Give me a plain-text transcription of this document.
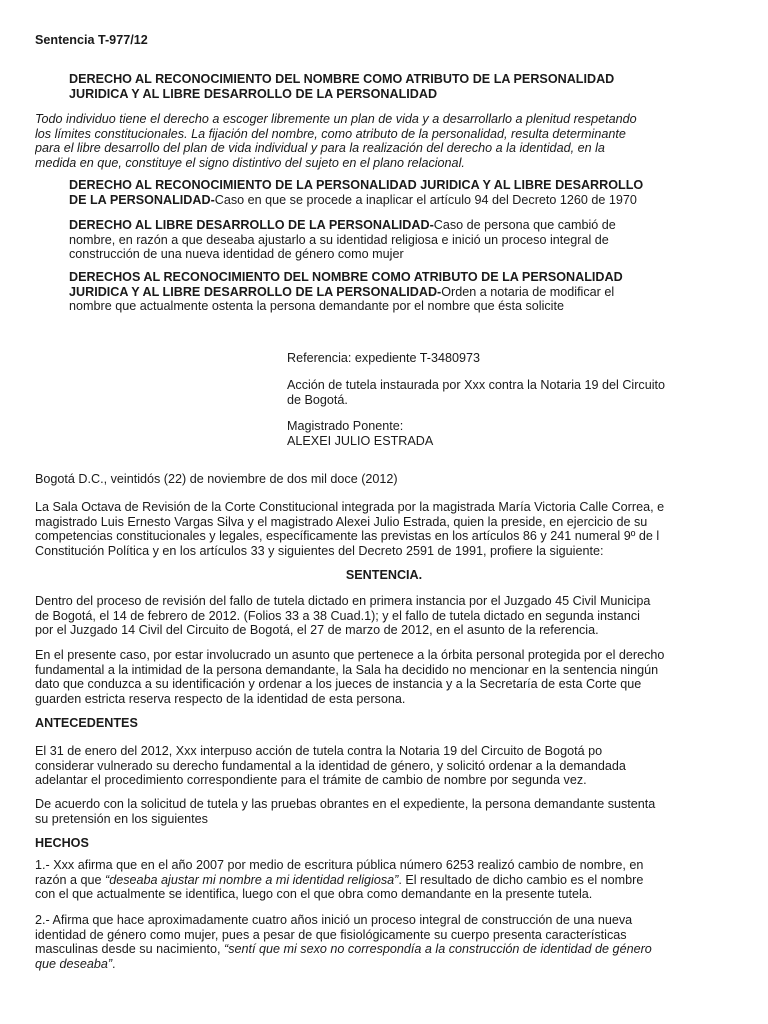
Sentencia T-977/12
DERECHO AL RECONOCIMIENTO DEL NOMBRE COMO ATRIBUTO DE LA PERSONALIDAD
JURIDICA Y AL LIBRE DESARROLLO DE LA PERSONALIDAD
Todo individuo tiene el derecho a escoger libremente un plan de vida y a desarrollarlo a plenitud respetando
los límites constitucionales. La fijación del nombre, como atributo de la personalidad, resulta determinante
para el libre desarrollo del plan de vida individual y para la realización del derecho a la identidad, en la
medida en que, constituye el signo distintivo del sujeto en el plano relacional.
DERECHO AL RECONOCIMIENTO DE LA PERSONALIDAD JURIDICA Y AL LIBRE DESARROLLO
DE LA PERSONALIDAD-Caso en que se procede a inaplicar el artículo 94 del Decreto 1260 de 1970
DERECHO AL LIBRE DESARROLLO DE LA PERSONALIDAD-Caso de persona que cambió de
nombre, en razón a que deseaba ajustarlo a su identidad religiosa e inició un proceso integral de
construcción de una nueva identidad de género como mujer
DERECHOS AL RECONOCIMIENTO DEL NOMBRE COMO ATRIBUTO DE LA PERSONALIDAD
JURIDICA Y AL LIBRE DESARROLLO DE LA PERSONALIDAD-Orden a notaria de modificar el
nombre que actualmente ostenta la persona demandante por el nombre que ésta solicite
Referencia: expediente T-3480973
Acción de tutela instaurada por Xxx contra la Notaria 19 del Circuito
de Bogotá.
Magistrado Ponente:
ALEXEI JULIO ESTRADA
Bogotá D.C., veintidós (22) de noviembre de dos mil doce (2012)
La Sala Octava de Revisión de la Corte Constitucional integrada por la magistrada María Victoria Calle Correa, e
magistrado Luis Ernesto Vargas Silva y el magistrado Alexei Julio Estrada, quien la preside, en ejercicio de su
competencias constitucionales y legales, específicamente las previstas en los artículos 86 y 241 numeral 9º de l
Constitución Política y en los artículos 33 y siguientes del Decreto 2591 de 1991, profiere la siguiente:
SENTENCIA.
Dentro del proceso de revisión del fallo de tutela dictado en primera instancia por el Juzgado 45 Civil Municipa
de Bogotá, el 14 de febrero de 2012. (Folios 33 a 38 Cuad.1); y el fallo de tutela dictado en segunda instanci
por el Juzgado 14 Civil del Circuito de Bogotá, el 27 de marzo de 2012, en el asunto de la referencia.
En el presente caso, por estar involucrado un asunto que pertenece a la órbita personal protegida por el derecho
fundamental a la intimidad de la persona demandante, la Sala ha decidido no mencionar en la sentencia ningún
dato que conduzca a su identificación y ordenar a los jueces de instancia y a la Secretaría de esta Corte que
guarden estricta reserva respecto de la identidad de esta persona.
ANTECEDENTES
El 31 de enero del 2012, Xxx interpuso acción de tutela contra la Notaria 19 del Circuito de Bogotá po
considerar vulnerado su derecho fundamental a la identidad de género, y solicitó ordenar a la demandada
adelantar el procedimiento correspondiente para el trámite de cambio de nombre por segunda vez.
De acuerdo con la solicitud de tutela y las pruebas obrantes en el expediente, la persona demandante sustenta
su pretensión en los siguientes
HECHOS
1.- Xxx afirma que en el año 2007 por medio de escritura pública número 6253 realizó cambio de nombre, en
razón a que “deseaba ajustar mi nombre a mi identidad religiosa”. El resultado de dicho cambio es el nombre
con el que actualmente se identifica, luego con el que obra como demandante en la presente tutela.
2.- Afirma que hace aproximadamente cuatro años inició un proceso integral de construcción de una nueva
identidad de género como mujer, pues a pesar de que fisiológicamente su cuerpo presenta características
masculinas desde su nacimiento, “sentí que mi sexo no correspondía a la construcción de identidad de género
que deseaba”.
